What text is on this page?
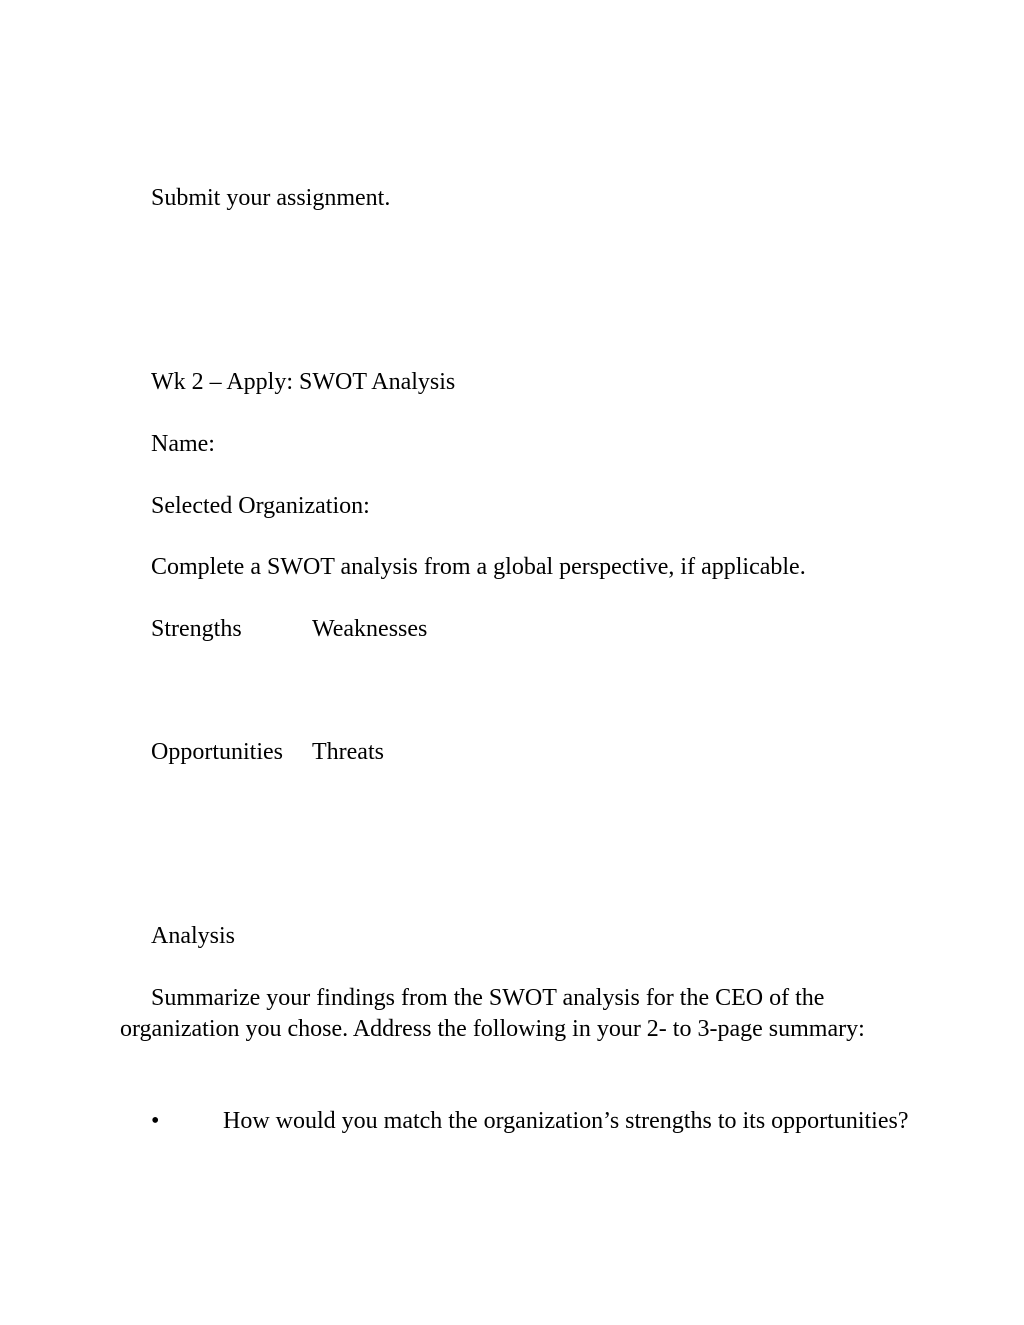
Submit your assignment.
Wk 2 – Apply: SWOT Analysis
Name:
Selected Organization:
Complete a SWOT analysis from a global perspective, if applicable.
Strengths	Weaknesses
Opportunities Threats
Analysis

Summarize your findings from the SWOT analysis for the CEO of the organization you chose. Address the following in your 2- to 3-page summary:

•	How would you match the organization’s strengths to its opportunities?
